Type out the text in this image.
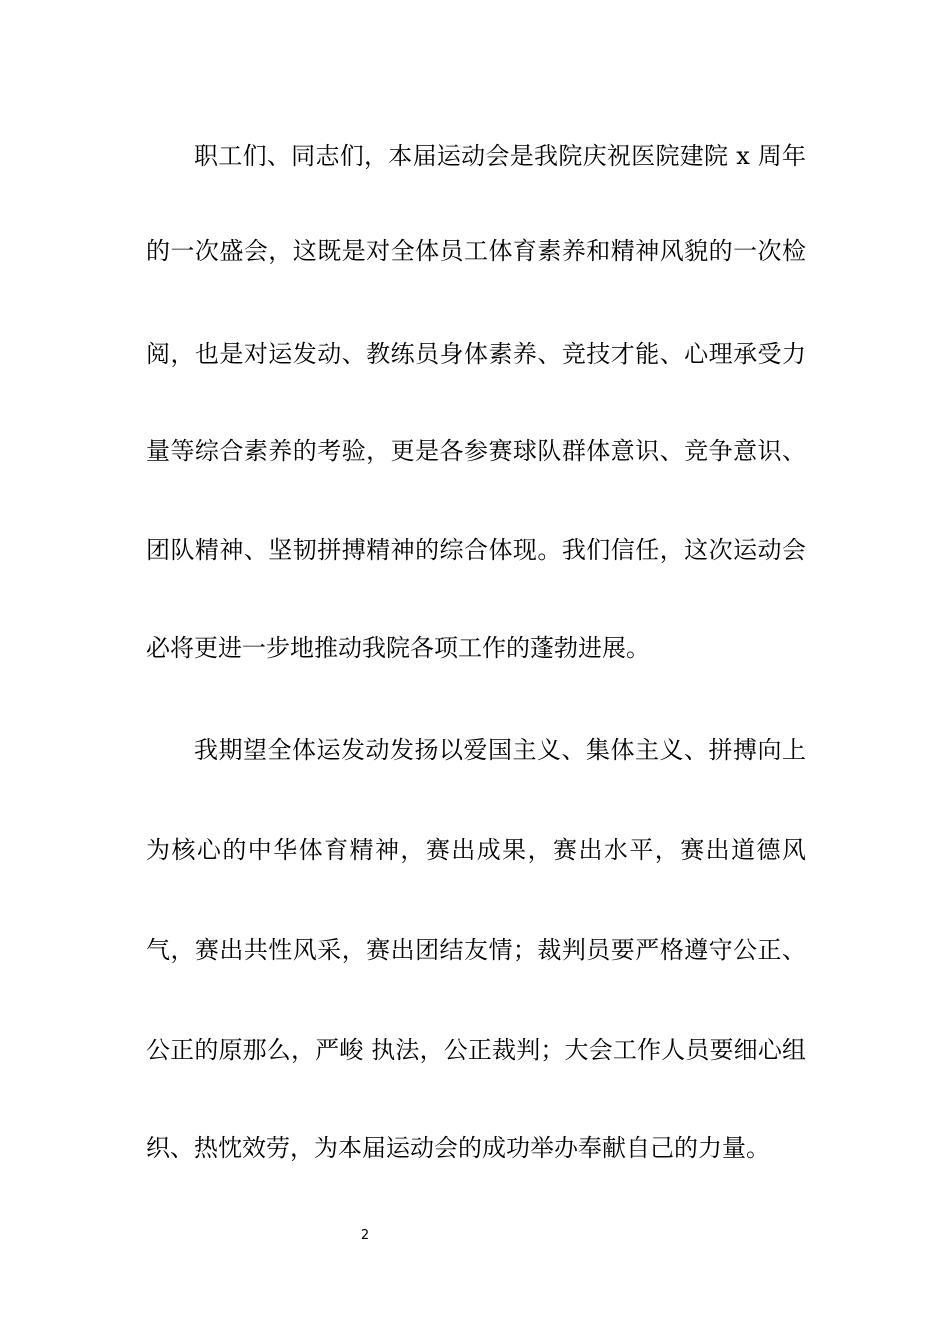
职工们、同志们，本届运动会是我院庆祝医院建院 x 周年
的一次盛会，这既是对全体员工体育素养和精神风貌的一次检
阅，也是对运发动、教练员身体素养、竞技才能、心理承受力
量等综合素养的考验，更是各参赛球队群体意识、竞争意识、
团队精神、坚韧拼搏精神的综合体现。我们信任，这次运动会
必将更进一步地推动我院各项工作的蓬勃进展。
我期望全体运发动发扬以爱国主义、集体主义、拼搏向上
为核心的中华体育精神，赛出成果，赛出水平，赛出道德风
气，赛出共性风采，赛出团结友情；裁判员要严格遵守公正、
公正的原那么，严峻 执法，公正裁判；大会工作人员要细心组
织、热忱效劳，为本届运动会的成功举办奉献自己的力量。
2
